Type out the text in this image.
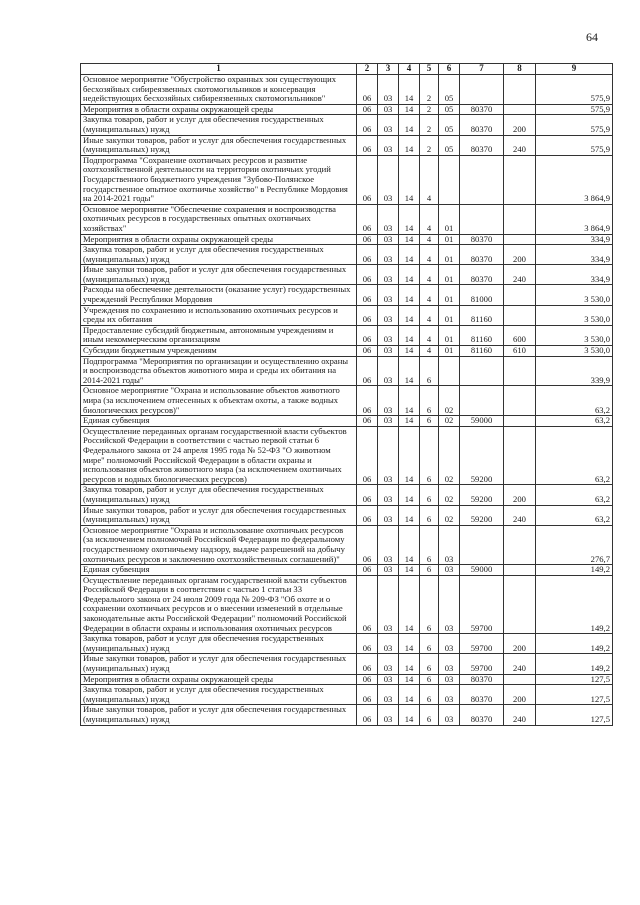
64
1	2	3	4	5	6	7	8	9
Основное мероприятие "Обустройство охранных зон существующих бесхозяйных сибиреязвенных скотомогильников и консервация недействующих бесхозяйных сибиреязвенных скотомогильников"	06	03	14	2	05			575,9
Мероприятия в области охраны окружающей среды	06	03	14	2	05	80370		575,9
Закупка товаров, работ и услуг для обеспечения государственных (муниципальных) нужд	06	03	14	2	05	80370	200	575,9
Иные закупки товаров, работ и услуг для обеспечения государственных (муниципальных) нужд	06	03	14	2	05	80370	240	575,9
Подпрограмма "Сохранение охотничьих ресурсов и развитие охотхозяйственной деятельности на территории охотничьих угодий Государственного бюджетного учреждения "Зубово-Полянское государственное опытное охотничье хозяйство" в Республике Мордовия на 2014-2021 годы"	06	03	14	4				3 864,9
Основное мероприятие "Обеспечение сохранения и воспроизводства охотничьих ресурсов в государственных опытных охотничьих хозяйствах"	06	03	14	4	01			3 864,9
Мероприятия в области охраны окружающей среды	06	03	14	4	01	80370		334,9
Закупка товаров, работ и услуг для обеспечения государственных (муниципальных) нужд	06	03	14	4	01	80370	200	334,9
Иные закупки товаров, работ и услуг для обеспечения государственных (муниципальных) нужд	06	03	14	4	01	80370	240	334,9
Расходы на обеспечение деятельности (оказание услуг) государственных учреждений Республики Мордовия	06	03	14	4	01	81000		3 530,0
Учреждения по сохранению и использованию охотничьих ресурсов и среды их обитания	06	03	14	4	01	81160		3 530,0
Предоставление субсидий бюджетным, автономным учреждениям и иным некоммерческим организациям	06	03	14	4	01	81160	600	3 530,0
Субсидии бюджетным учреждениям	06	03	14	4	01	81160	610	3 530,0
Подпрограмма "Мероприятия по организации и осуществлению охраны и воспроизводства объектов животного мира и среды их обитания на 2014-2021 годы"	06	03	14	6				339,9
Основное мероприятие "Охрана и использование объектов животного мира (за исключением отнесенных к объектам охоты, а также водных биологических ресурсов)"	06	03	14	6	02			63,2
Единая субвенция	06	03	14	6	02	59000		63,2
Осуществление переданных органам государственной власти субъектов Российской Федерации в соответствии с частью первой статьи 6 Федерального закона от 24 апреля 1995 года № 52-ФЗ "О животном мире" полномочий Российской Федерации в области охраны и использования объектов животного мира (за исключением охотничьих ресурсов и водных биологических ресурсов)	06	03	14	6	02	59200		63,2
Закупка товаров, работ и услуг для обеспечения государственных (муниципальных) нужд	06	03	14	6	02	59200	200	63,2
Иные закупки товаров, работ и услуг для обеспечения государственных (муниципальных) нужд	06	03	14	6	02	59200	240	63,2
Основное мероприятие "Охрана и использование охотничьих ресурсов (за исключением полномочий Российской Федерации по федеральному государственному охотничьему надзору, выдаче разрешений на добычу охотничьих ресурсов и заключению охотхозяйственных соглашений)"	06	03	14	6	03			276,7
Единая субвенция	06	03	14	6	03	59000		149,2
Осуществление переданных органам государственной власти субъектов Российской Федерации в соответствии с частью 1 статьи 33 Федерального закона от 24 июля 2009 года № 209-ФЗ "Об охоте и о сохранении охотничьих ресурсов и о внесении изменений в отдельные законодательные акты Российской Федерации" полномочий Российской Федерации в области охраны и использования охотничьих ресурсов	06	03	14	6	03	59700		149,2
Закупка товаров, работ и услуг для обеспечения государственных (муниципальных) нужд	06	03	14	6	03	59700	200	149,2
Иные закупки товаров, работ и услуг для обеспечения государственных (муниципальных) нужд	06	03	14	6	03	59700	240	149,2
Мероприятия в области охраны окружающей среды	06	03	14	6	03	80370		127,5
Закупка товаров, работ и услуг для обеспечения государственных (муниципальных) нужд	06	03	14	6	03	80370	200	127,5
Иные закупки товаров, работ и услуг для обеспечения государственных (муниципальных) нужд	06	03	14	6	03	80370	240	127,5
